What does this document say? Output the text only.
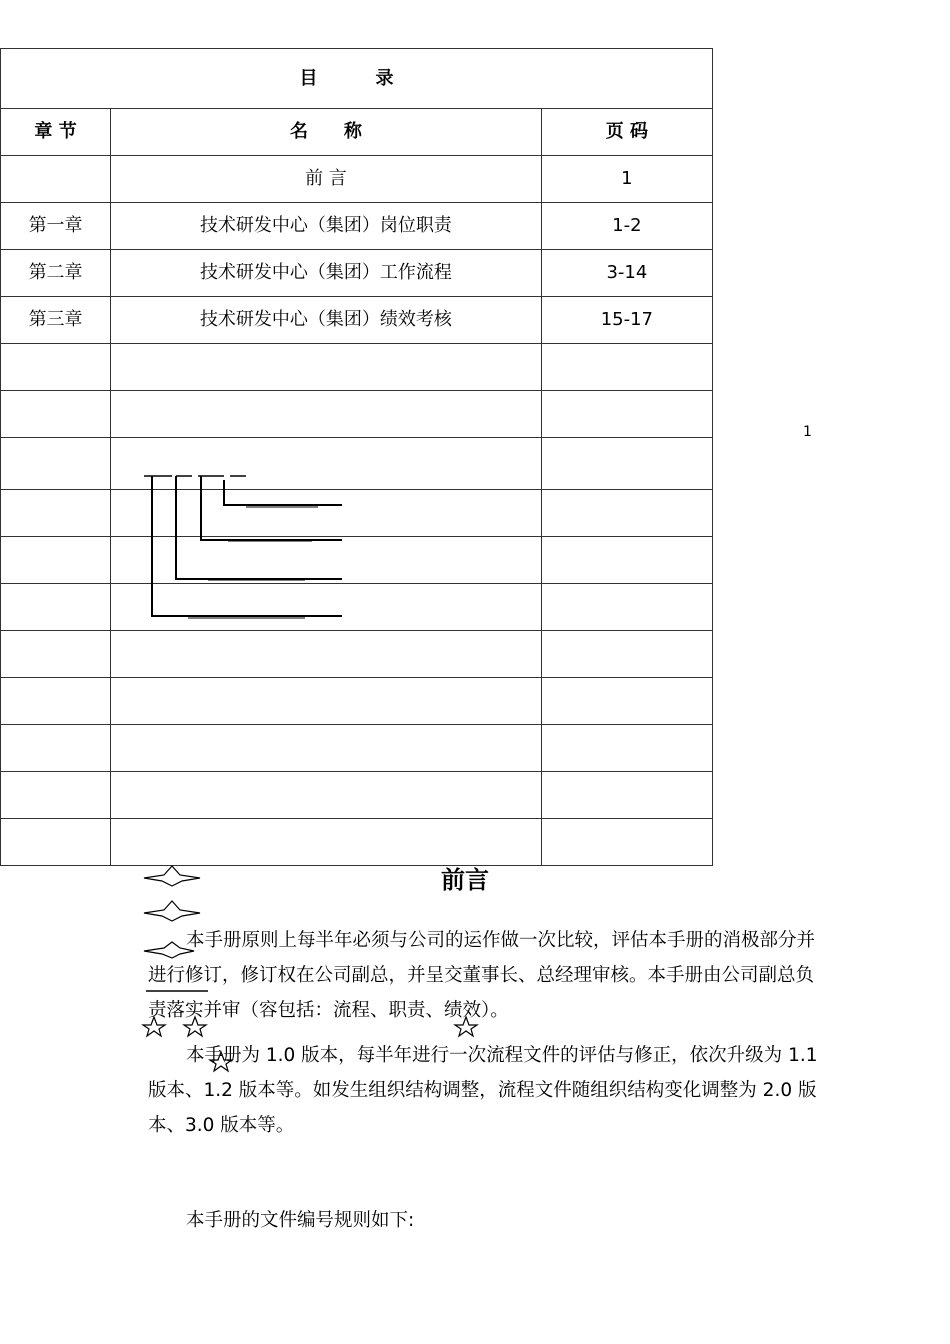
目　录		
章 节	名　　称	页 码
	前 言	1
第一章	技术研发中心（集团）岗位职责	1-2
第二章	技术研发中心（集团）工作流程	3-14
第三章	技术研发中心（集团）绩效考核	15-17

1
前言

本手册原则上每半年必须与公司的运作做一次比较，评估本手册的消极部分并进行修订，修订权在公司副总，并呈交董事长、总经理审核。本手册由公司副总负责落实并审（容包括：流程、职责、绩效）。

本手册为 1.0 版本，每半年进行一次流程文件的评估与修正，依次升级为 1.1 版本、1.2 版本等。如发生组织结构调整，流程文件随组织结构变化调整为 2.0 版本、3.0 版本等。

本手册的文件编号规则如下:
